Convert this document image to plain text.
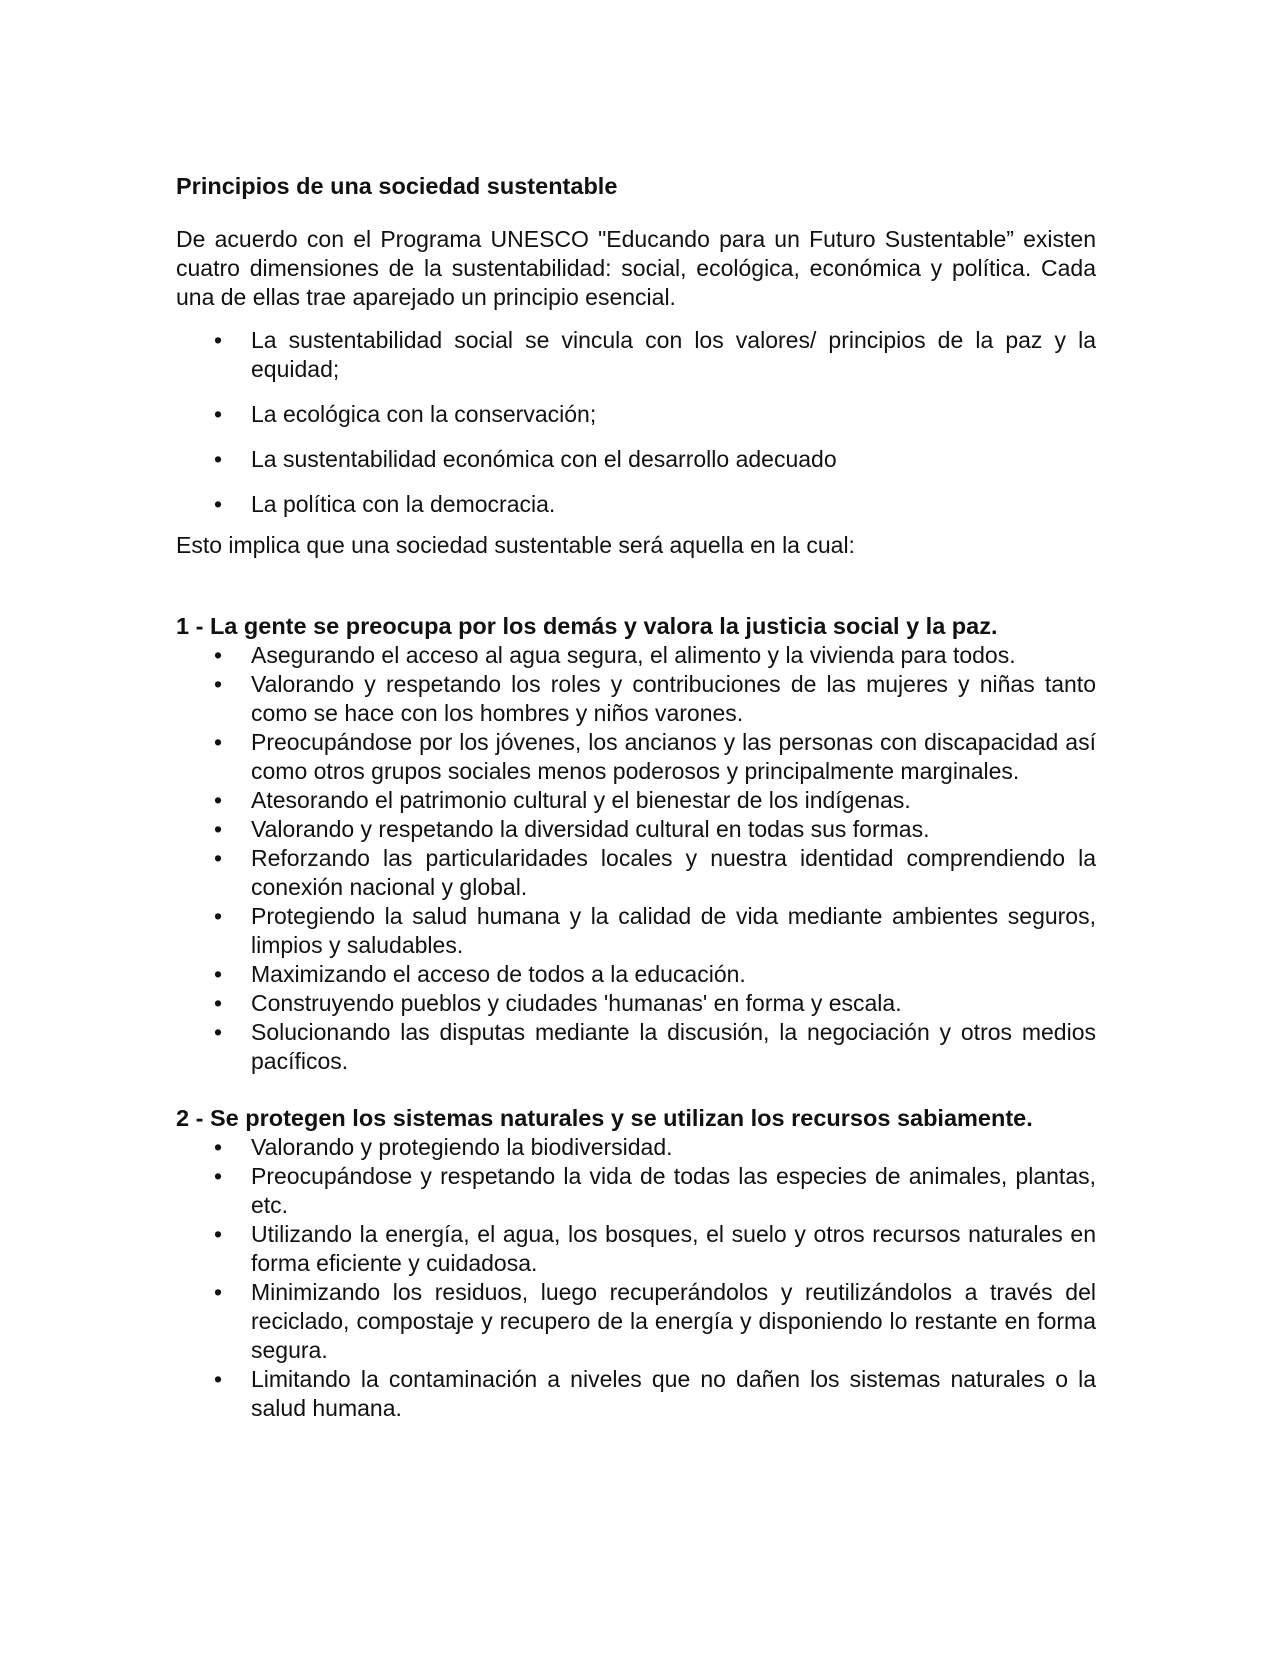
Principios de una sociedad sustentable

De acuerdo con el Programa UNESCO "Educando para un Futuro Sustentable” existen cuatro dimensiones de la sustentabilidad: social, ecológica, económica y política. Cada una de ellas trae aparejado un principio esencial.

•	La sustentabilidad social se vincula con los valores/ principios de la paz y la equidad;
•	La ecológica con la conservación;
•	La sustentabilidad económica con el desarrollo adecuado
•	La política con la democracia.

Esto implica que una sociedad sustentable será aquella en la cual:

1 - La gente se preocupa por los demás y valora la justicia social y la paz.

•	Asegurando el acceso al agua segura, el alimento y la vivienda para todos.
•	Valorando y respetando los roles y contribuciones de las mujeres y niñas tanto como se hace con los hombres y niños varones.
•	Preocupándose por los jóvenes, los ancianos y las personas con discapacidad así como otros grupos sociales menos poderosos y principalmente marginales.
•	Atesorando el patrimonio cultural y el bienestar de los indígenas.
•	Valorando y respetando la diversidad cultural en todas sus formas.
•	Reforzando las particularidades locales y nuestra identidad comprendiendo la conexión nacional y global.
•	Protegiendo la salud humana y la calidad de vida mediante ambientes seguros, limpios y saludables.
•	Maximizando el acceso de todos a la educación.
•	Construyendo pueblos y ciudades 'humanas' en forma y escala.
•	Solucionando las disputas mediante la discusión, la negociación y otros medios pacíficos.

2 - Se protegen los sistemas naturales y se utilizan los recursos sabiamente.

•	Valorando y protegiendo la biodiversidad.
•	Preocupándose y respetando la vida de todas las especies de animales, plantas, etc.
•	Utilizando la energía, el agua, los bosques, el suelo y otros recursos naturales en forma eficiente y cuidadosa.
•	Minimizando los residuos, luego recuperándolos y reutilizándolos a través del reciclado, compostaje y recupero de la energía y disponiendo lo restante en forma segura.
•	Limitando la contaminación a niveles que no dañen los sistemas naturales o la salud humana.
